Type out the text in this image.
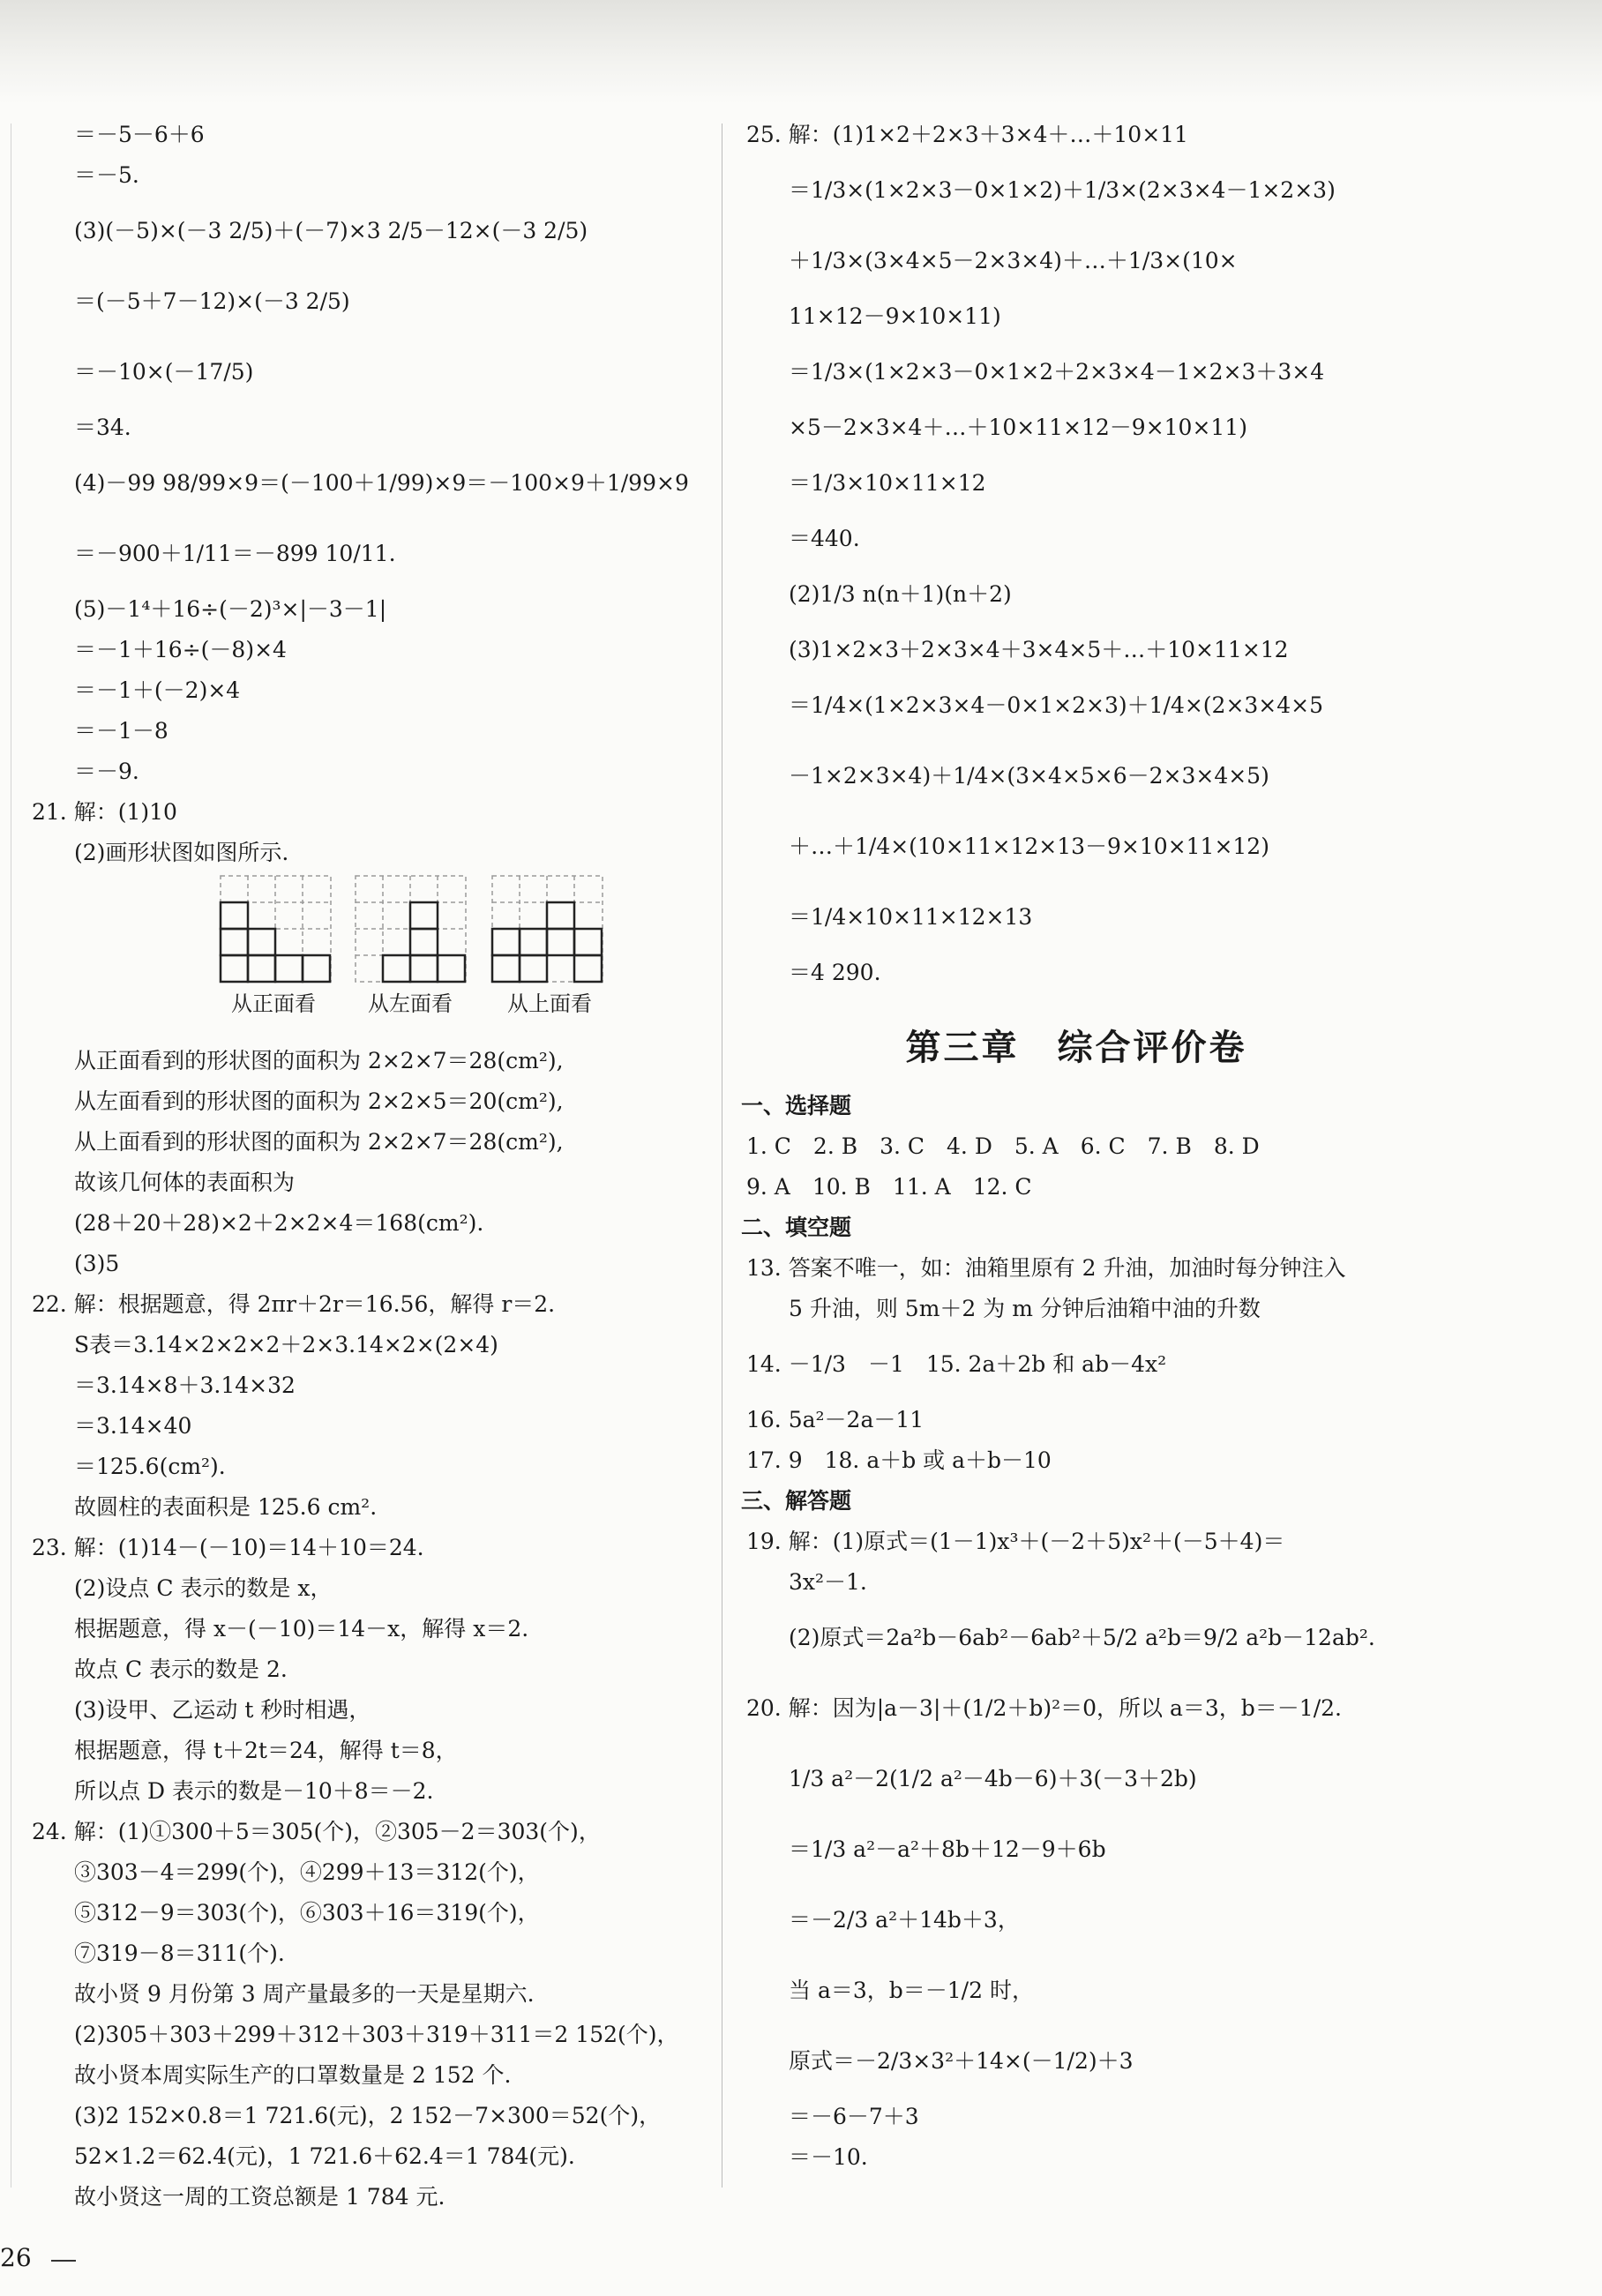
＝－5－6＋6
＝－5.
(3)(－5)×(－3 2/5)＋(－7)×3 2/5－12×(－3 2/5)
＝(－5＋7－12)×(－3 2/5)
＝－10×(－17/5)
＝34.
(4)－99 98/99×9＝(－100＋1/99)×9＝－100×9＋1/99×9
＝－900＋1/11＝－899 10/11.
(5)－1⁴＋16÷(－2)³×|－3－1|
＝－1＋16÷(－8)×4
＝－1＋(－2)×4
＝－1－8
＝－9.
21. 解：(1)10
(2)画形状图如图所示.
从正面看	从左面看	从上面看
从正面看到的形状图的面积为 2×2×7＝28(cm²),
从左面看到的形状图的面积为 2×2×5＝20(cm²),
从上面看到的形状图的面积为 2×2×7＝28(cm²),
故该几何体的表面积为
(28＋20＋28)×2＋2×2×4＝168(cm²).
(3)5
22. 解：根据题意，得 2πr＋2r＝16.56，解得 r＝2.
S表＝3.14×2×2×2＋2×3.14×2×(2×4)
＝3.14×8＋3.14×32
＝3.14×40
＝125.6(cm²).
故圆柱的表面积是 125.6 cm².
23. 解：(1)14－(－10)＝14＋10＝24.
(2)设点 C 表示的数是 x，
根据题意，得 x－(－10)＝14－x，解得 x＝2.
故点 C 表示的数是 2.
(3)设甲、乙运动 t 秒时相遇，
根据题意，得 t＋2t＝24，解得 t＝8，
所以点 D 表示的数是－10＋8＝－2.
24. 解：(1)①300＋5＝305(个)，②305－2＝303(个)，
③303－4＝299(个)，④299＋13＝312(个)，
⑤312－9＝303(个)，⑥303＋16＝319(个)，
⑦319－8＝311(个).
故小贤 9 月份第 3 周产量最多的一天是星期六.
(2)305＋303＋299＋312＋303＋319＋311＝2 152(个)，
故小贤本周实际生产的口罩数量是 2 152 个.
(3)2 152×0.8＝1 721.6(元)，2 152－7×300＝52(个)，
52×1.2＝62.4(元)，1 721.6＋62.4＝1 784(元).
故小贤这一周的工资总额是 1 784 元.
25. 解：(1)1×2＋2×3＋3×4＋…＋10×11
＝1/3×(1×2×3－0×1×2)＋1/3×(2×3×4－1×2×3)
＋1/3×(3×4×5－2×3×4)＋…＋1/3×(10×
11×12－9×10×11)
＝1/3×(1×2×3－0×1×2＋2×3×4－1×2×3＋3×4
×5－2×3×4＋…＋10×11×12－9×10×11)
＝1/3×10×11×12
＝440.
(2)1/3 n(n＋1)(n＋2)
(3)1×2×3＋2×3×4＋3×4×5＋…＋10×11×12
＝1/4×(1×2×3×4－0×1×2×3)＋1/4×(2×3×4×5
－1×2×3×4)＋1/4×(3×4×5×6－2×3×4×5)
＋…＋1/4×(10×11×12×13－9×10×11×12)
＝1/4×10×11×12×13
＝4 290.
第三章　综合评价卷
一、选择题
1. C　2. B　3. C　4. D　5. A　6. C　7. B　8. D
9. A　10. B　11. A　12. C
二、填空题
13. 答案不唯一，如：油箱里原有 2 升油，加油时每分钟注入
5 升油，则 5m＋2 为 m 分钟后油箱中油的升数
14. －1/3　－1　15. 2a＋2b 和 ab－4x²
16. 5a²－2a－11
17. 9　18. a＋b 或 a＋b－10
三、解答题
19. 解：(1)原式＝(1－1)x³＋(－2＋5)x²＋(－5＋4)＝
3x²－1.
(2)原式＝2a²b－6ab²－6ab²＋5/2 a²b＝9/2 a²b－12ab².
20. 解：因为|a－3|＋(1/2＋b)²＝0，所以 a＝3，b＝－1/2.
1/3 a²－2(1/2 a²－4b－6)＋3(－3＋2b)
＝1/3 a²－a²＋8b＋12－9＋6b
＝－2/3 a²＋14b＋3，
当 a＝3，b＝－1/2 时，
原式＝－2/3×3²＋14×(－1/2)＋3
＝－6－7＋3
＝－10.
26
